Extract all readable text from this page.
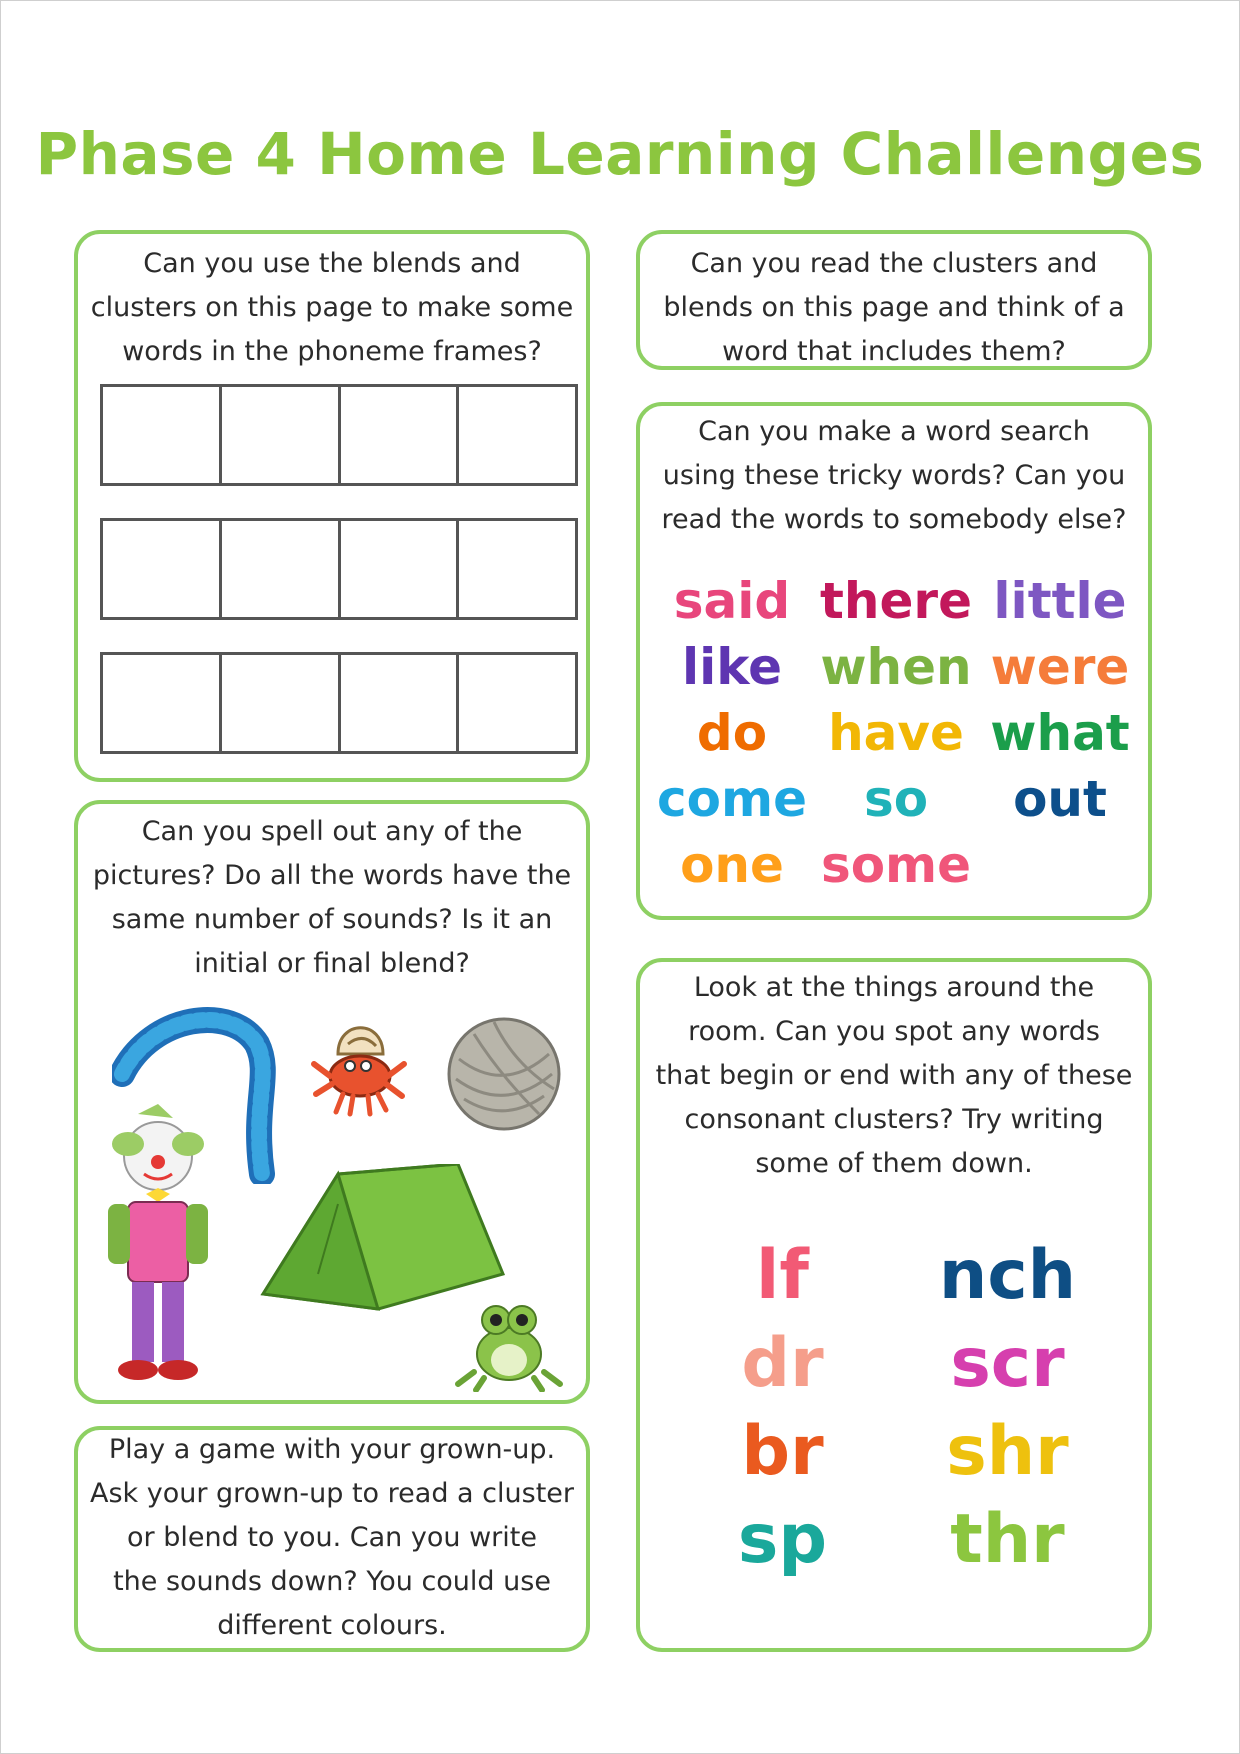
Phase 4 Home Learning Challenges

Can you use the blends and

clusters on this page to make some

words in the phoneme frames?

Can you read the clusters and

blends on this page and think of a

word that includes them?

Can you make a word search

using these tricky words? Can you

read the words to somebody else?

said there little
like when were
do	have what
come	so	out
one some

Can you spell out any of the

pictures? Do all the words have the

same number of sounds? Is it an

initial or final blend?

Look at the things around the

room. Can you spot any words

that begin or end with any of these

consonant clusters? Try writing

some of them down.

lf	nch
dr	scr
br	shr
sp	thr

Play a game with your grown-up.

Ask your grown-up to read a cluster

or blend to you. Can you write

the sounds down? You could use

different colours.
